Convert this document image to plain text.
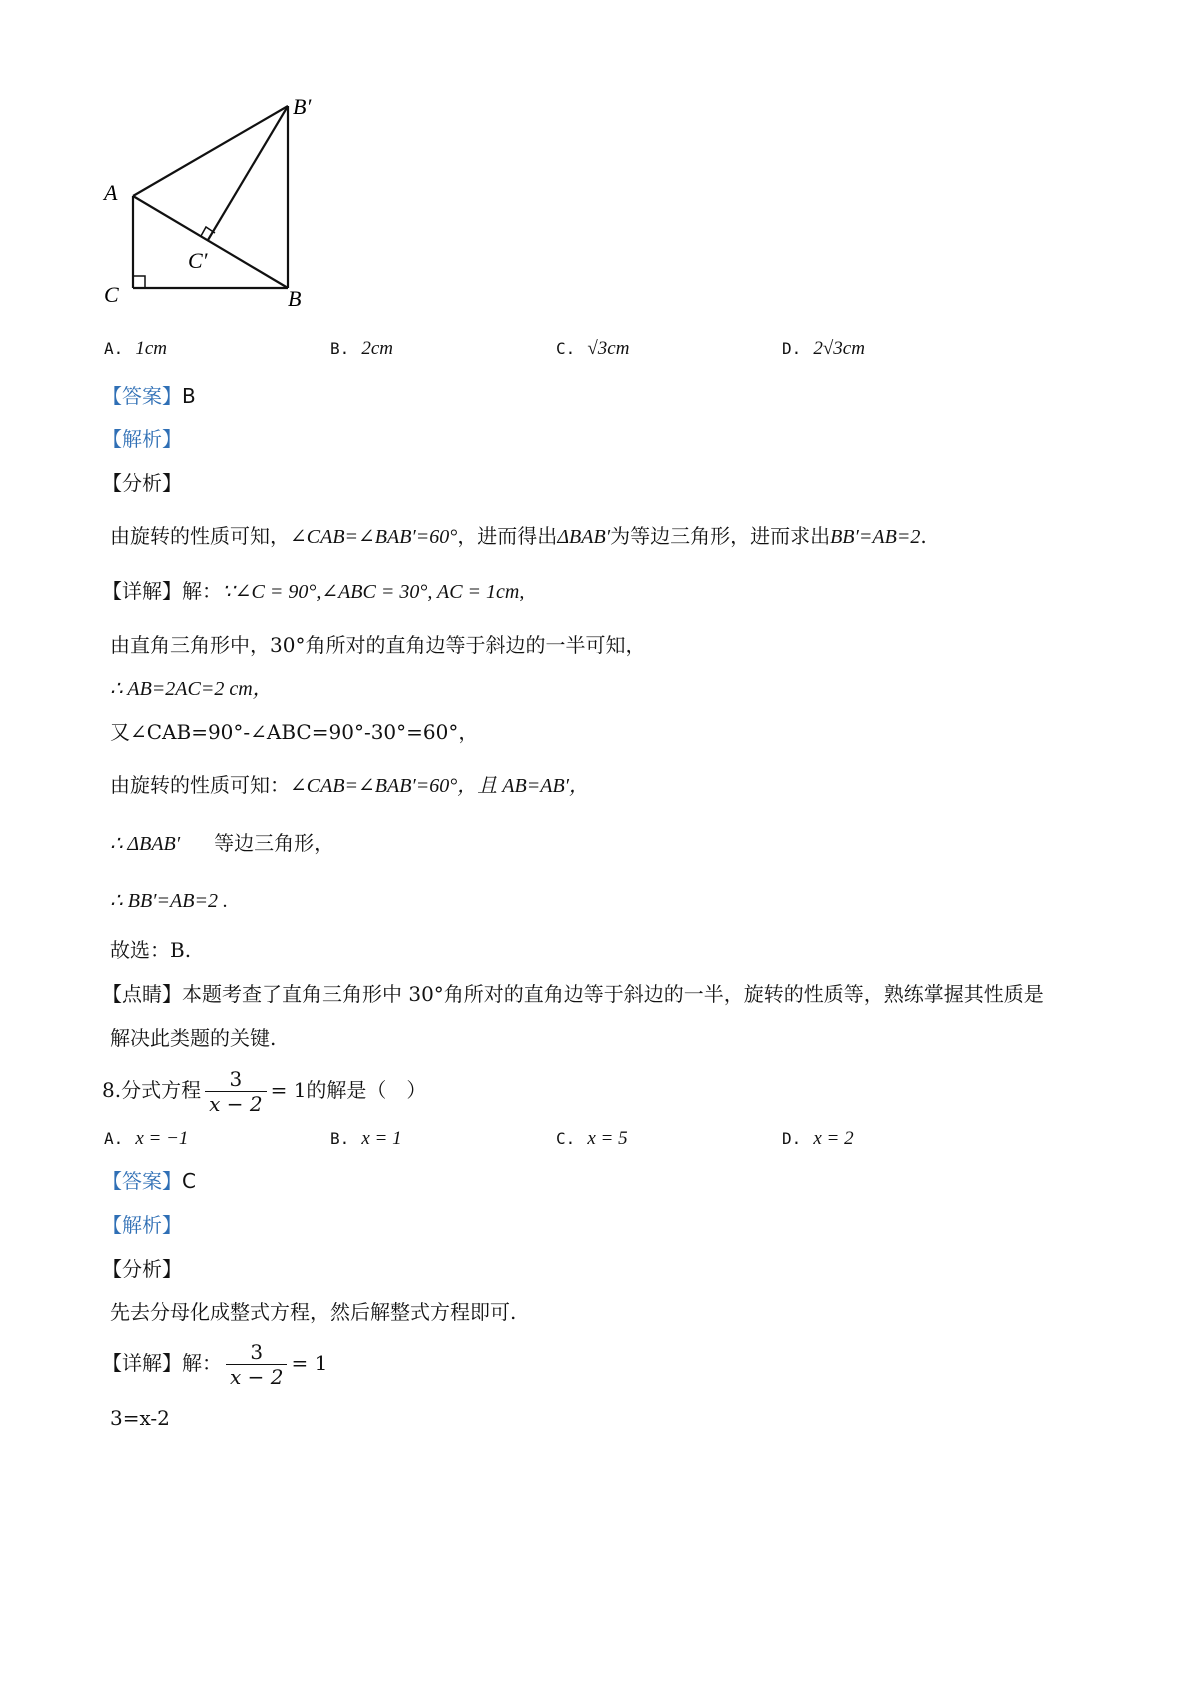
B′
A
C′
C	B
A. 1cm	B. 2cm	C. √3cm	D. 2√3cm
【答案】B
【解析】
【分析】
由旋转的性质可知，∠CAB=∠BAB′=60°，进而得出ΔBAB′为等边三角形，进而求出BB′=AB=2.
【详解】解：∵∠C = 90°,∠ABC = 30°, AC = 1cm,
由直角三角形中，30°角所对的直角边等于斜边的一半可知，
∴ AB=2AC=2 cm，
又∠CAB=90°-∠ABC=90°-30°=60°，
由旋转的性质可知：∠CAB=∠BAB′=60°，且 AB=AB′，
∴ ΔBAB′ 等边三角形，
∴ BB′=AB=2 .
故选：B.
【点睛】本题考查了直角三角形中 30°角所对的直角边等于斜边的一半，旋转的性质等，熟练掌握其性质是
解决此类题的关键.
8.分式方程 $\frac{3}{x - 2} = 1$的解是（　）
A. x = −1	B. x = 1	C. x = 5	D. x = 2
【答案】C
【解析】
【分析】
先去分母化成整式方程，然后解整式方程即可.
【详解】解： $\frac{3}{x - 2} = 1$
3=x-2
